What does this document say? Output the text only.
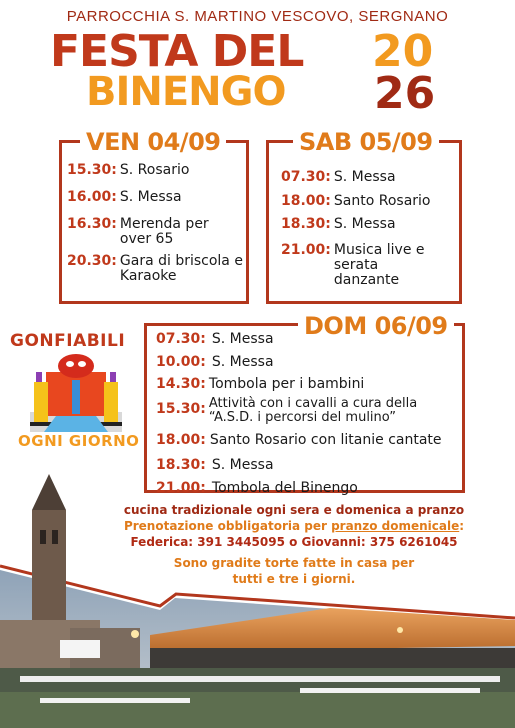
PARROCCHIA S. MARTINO VESCOVO, SERGNANO
FESTA DEL
BINENGO
20
26
VEN 04/09
15.30: S. Rosario
16.00: S. Messa
16.30: Merenda per over 65
20.30: Gara di briscola e Karaoke
SAB 05/09
07.30: S. Messa
18.00: Santo Rosario
18.30: S. Messa
21.00: Musica live e serata danzante
GONFIABILI
OGNI GIORNO
DOM 06/09
07.30: S. Messa
10.00: S. Messa
14.30: Tombola per i bambini
15.30: Attività con i cavalli a cura della “A.S.D. i percorsi del mulino”
18.00: Santo Rosario con litanie cantate
18.30: S. Messa
21.00: Tombola del Binengo
cucina tradizionale ogni sera e domenica a pranzo
Prenotazione obbligatoria per pranzo domenicale:
Federica: 391 3445095 o Giovanni: 375 6261045
Sono gradite torte fatte in casa per
tutti e tre i giorni.
